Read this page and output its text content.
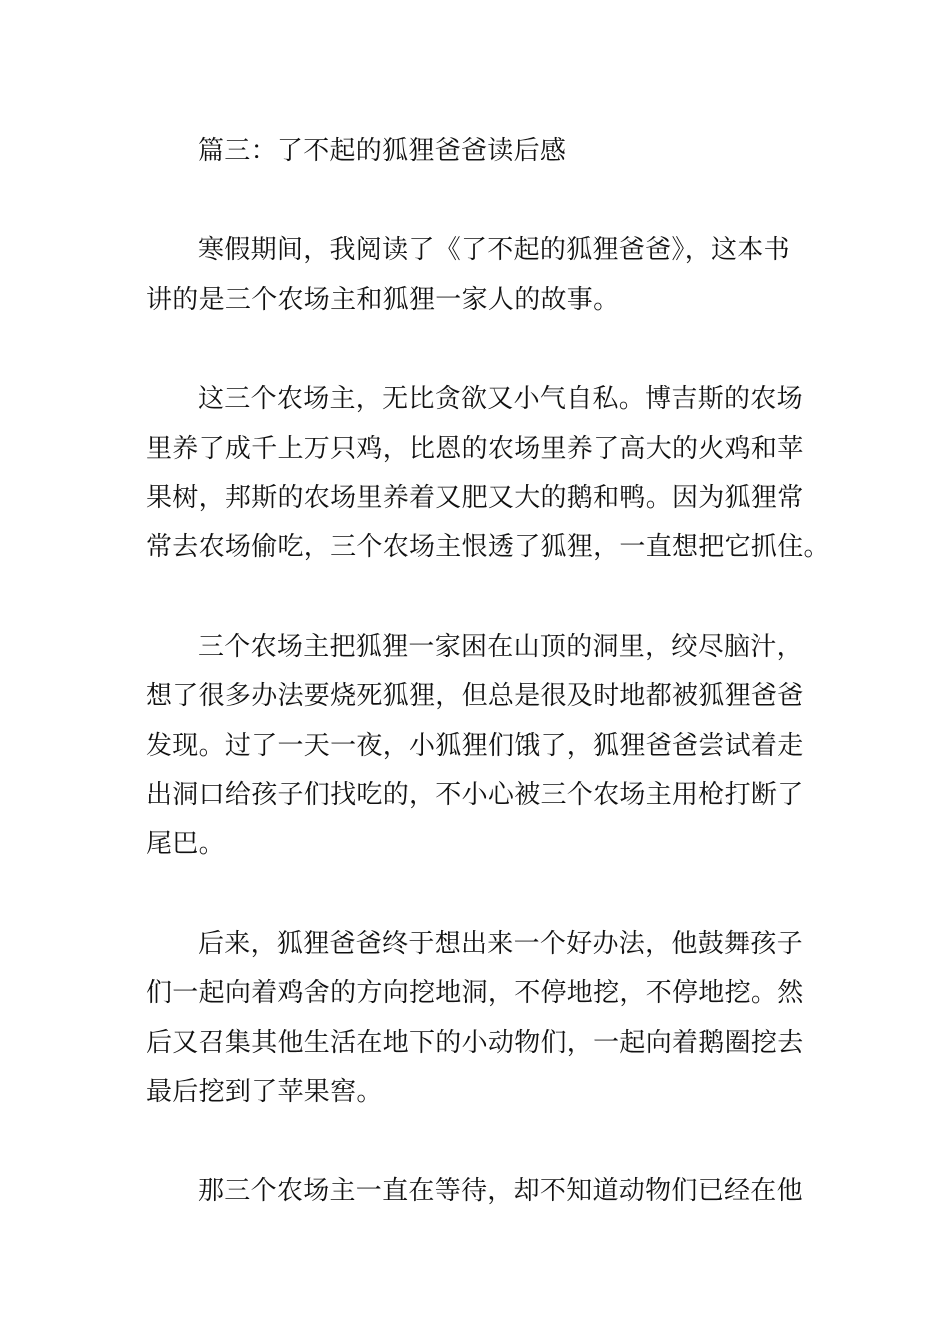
篇三：了不起的狐狸爸爸读后感
寒假期间，我阅读了《了不起的狐狸爸爸》，这本书
讲的是三个农场主和狐狸一家人的故事。
这三个农场主，无比贪欲又小气自私。博吉斯的农场
里养了成千上万只鸡，比恩的农场里养了高大的火鸡和苹
果树，邦斯的农场里养着又肥又大的鹅和鸭。因为狐狸常
常去农场偷吃，三个农场主恨透了狐狸，一直想把它抓住。
三个农场主把狐狸一家困在山顶的洞里，绞尽脑汁，
想了很多办法要烧死狐狸，但总是很及时地都被狐狸爸爸
发现。过了一天一夜，小狐狸们饿了，狐狸爸爸尝试着走
出洞口给孩子们找吃的，不小心被三个农场主用枪打断了
尾巴。
后来，狐狸爸爸终于想出来一个好办法，他鼓舞孩子
们一起向着鸡舍的方向挖地洞，不停地挖，不停地挖。然
后又召集其他生活在地下的小动物们，一起向着鹅圈挖去
最后挖到了苹果窖。
那三个农场主一直在等待，却不知道动物们已经在他
